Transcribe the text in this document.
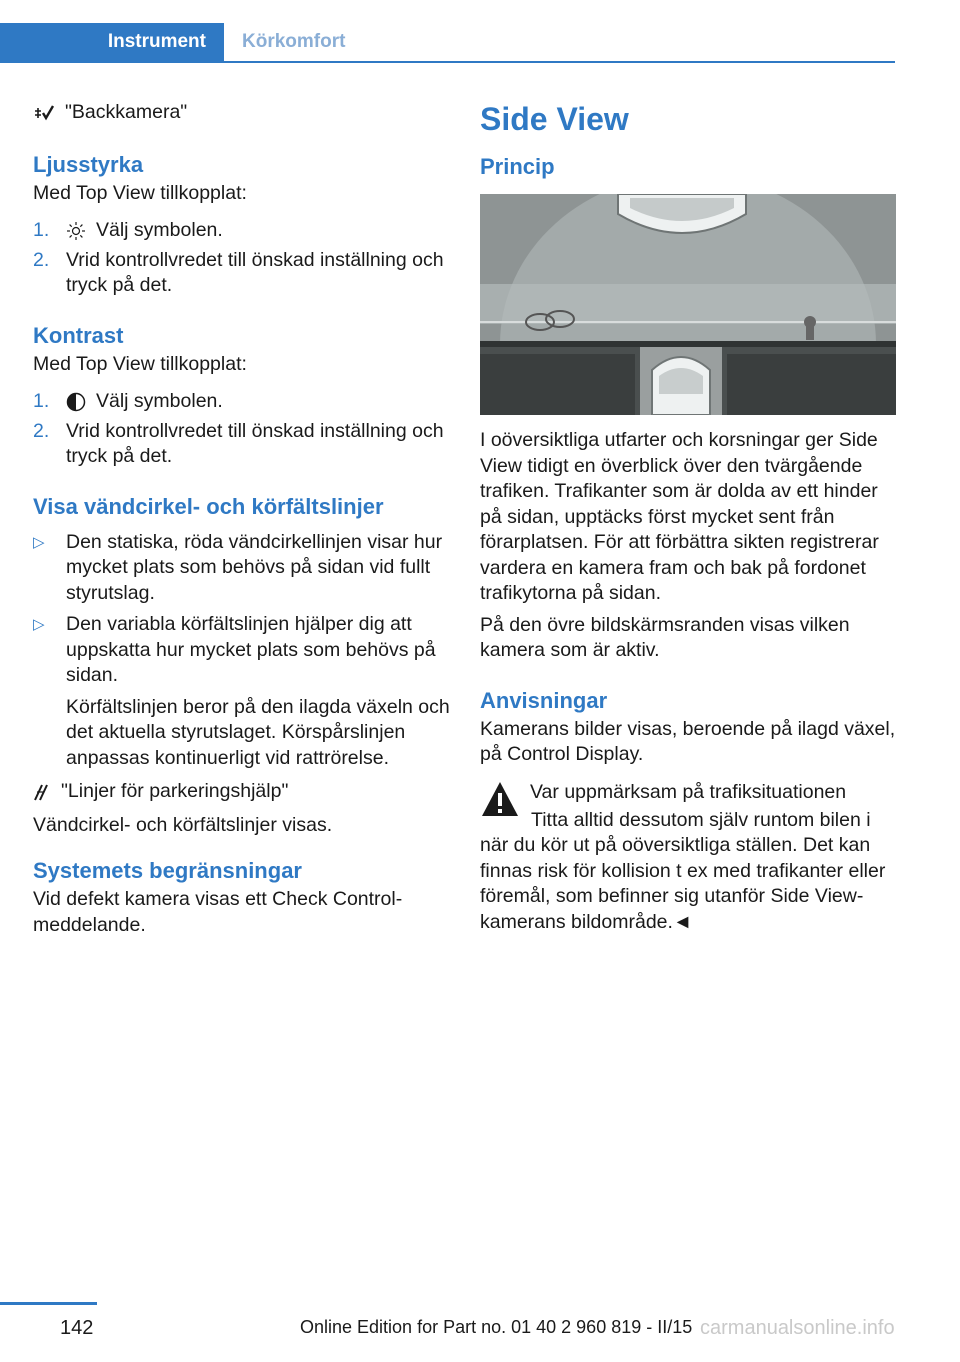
Instrument	Körkomfort
"Backkamera"
Ljusstyrka

Med Top View tillkopplat:

1.	Välj symbolen.
2. Vrid kontrollvredet till önskad inställning och tryck på det.
Kontrast

Med Top View tillkopplat:

1.	Välj symbolen.
2. Vrid kontrollvredet till önskad inställning och tryck på det.
Visa vändcirkel- och körfältslinjer
▷	Den statiska, röda vändcirkellinjen visar hur mycket plats som behövs på sidan vid fullt styrutslag.
▷	Den variabla körfältslinjen hjälper dig att uppskatta hur mycket plats som behövs på sidan.

Körfältslinjen beror på den ilagda växeln och det aktuella styrutslaget. Körspårslinjen anpassas kontinuerligt vid rattrörelse.

"Linjer för parkeringshjälp"

Vändcirkel- och körfältslinjer visas.

Systemets begränsningar

Vid defekt kamera visas ett Check Control-meddelande.

Side View
Princip

I oöversiktliga utfarter och korsningar ger Side View tidigt en överblick över den tvärgående trafiken. Trafikanter som är dolda av ett hinder på sidan, upptäcks först mycket sent från förarplatsen. För att förbättra sikten registrerar vardera en kamera fram och bak på fordonet trafikytorna på sidan.

På den övre bildskärmsranden visas vilken kamera som är aktiv.

Anvisningar

Kamerans bilder visas, beroende på ilagd växel, på Control Display.

Var uppmärksam på trafiksituationen

Titta alltid dessutom själv runtom bilen i när du kör ut på oöversiktliga ställen. Det kan finnas risk för kollision t ex med trafikanter eller föremål, som befinner sig utanför Side View-kamerans bildområde.◄

142	Online Edition for Part no. 01 40 2 960 819 - II/15 carmanualsonline.info
